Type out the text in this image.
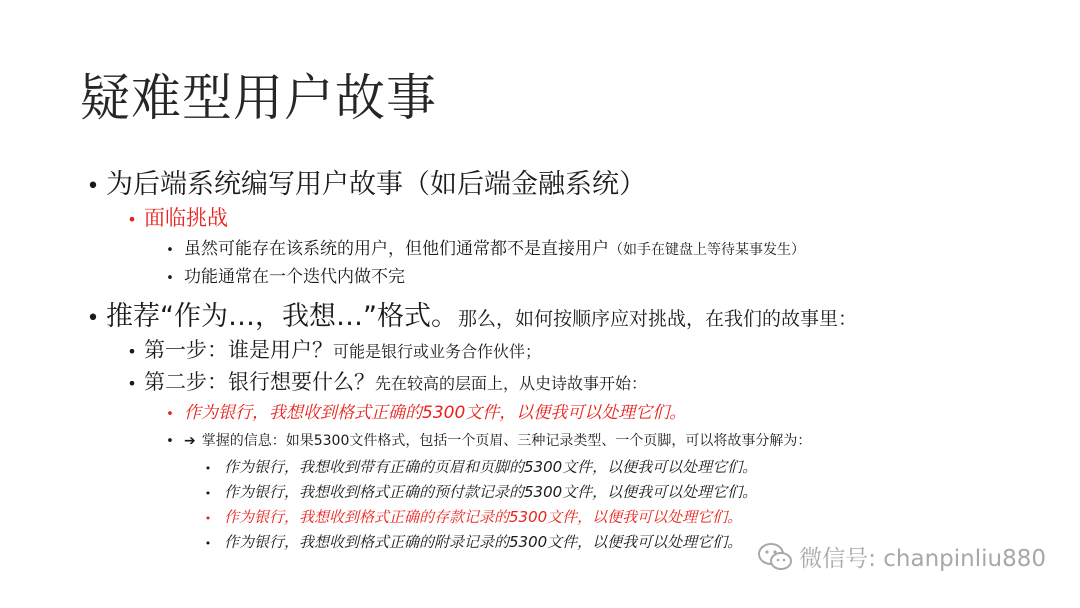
疑难型用户故事
• 为后端系统编写用户故事（如后端金融系统）
• 面临挑战
• 虽然可能存在该系统的用户，但他们通常都不是直接用户 （如手在键盘上等待某事发生）
• 功能通常在一个迭代内做不完
• 推荐“作为…，我想…”格式。 那么，如何按顺序应对挑战，在我们的故事里：
• 第一步：谁是用户？ 可能是银行或业务合作伙伴；
• 第二步：银行想要什么？ 先在较高的层面上，从史诗故事开始：
• 作为银行，我想收到格式正确的5300文件，以便我可以处理它们。
• ➔ 掌握的信息：如果5300文件格式，包括一个页眉、三种记录类型、一个页脚，可以将故事分解为：
• 作为银行，我想收到带有正确的页眉和页脚的5300文件，以便我可以处理它们。
• 作为银行，我想收到格式正确的预付款记录的5300文件，以便我可以处理它们。
• 作为银行，我想收到格式正确的存款记录的5300文件，以便我可以处理它们。
• 作为银行，我想收到格式正确的附录记录的5300文件，以便我可以处理它们。
微信号: chanpinliu880
